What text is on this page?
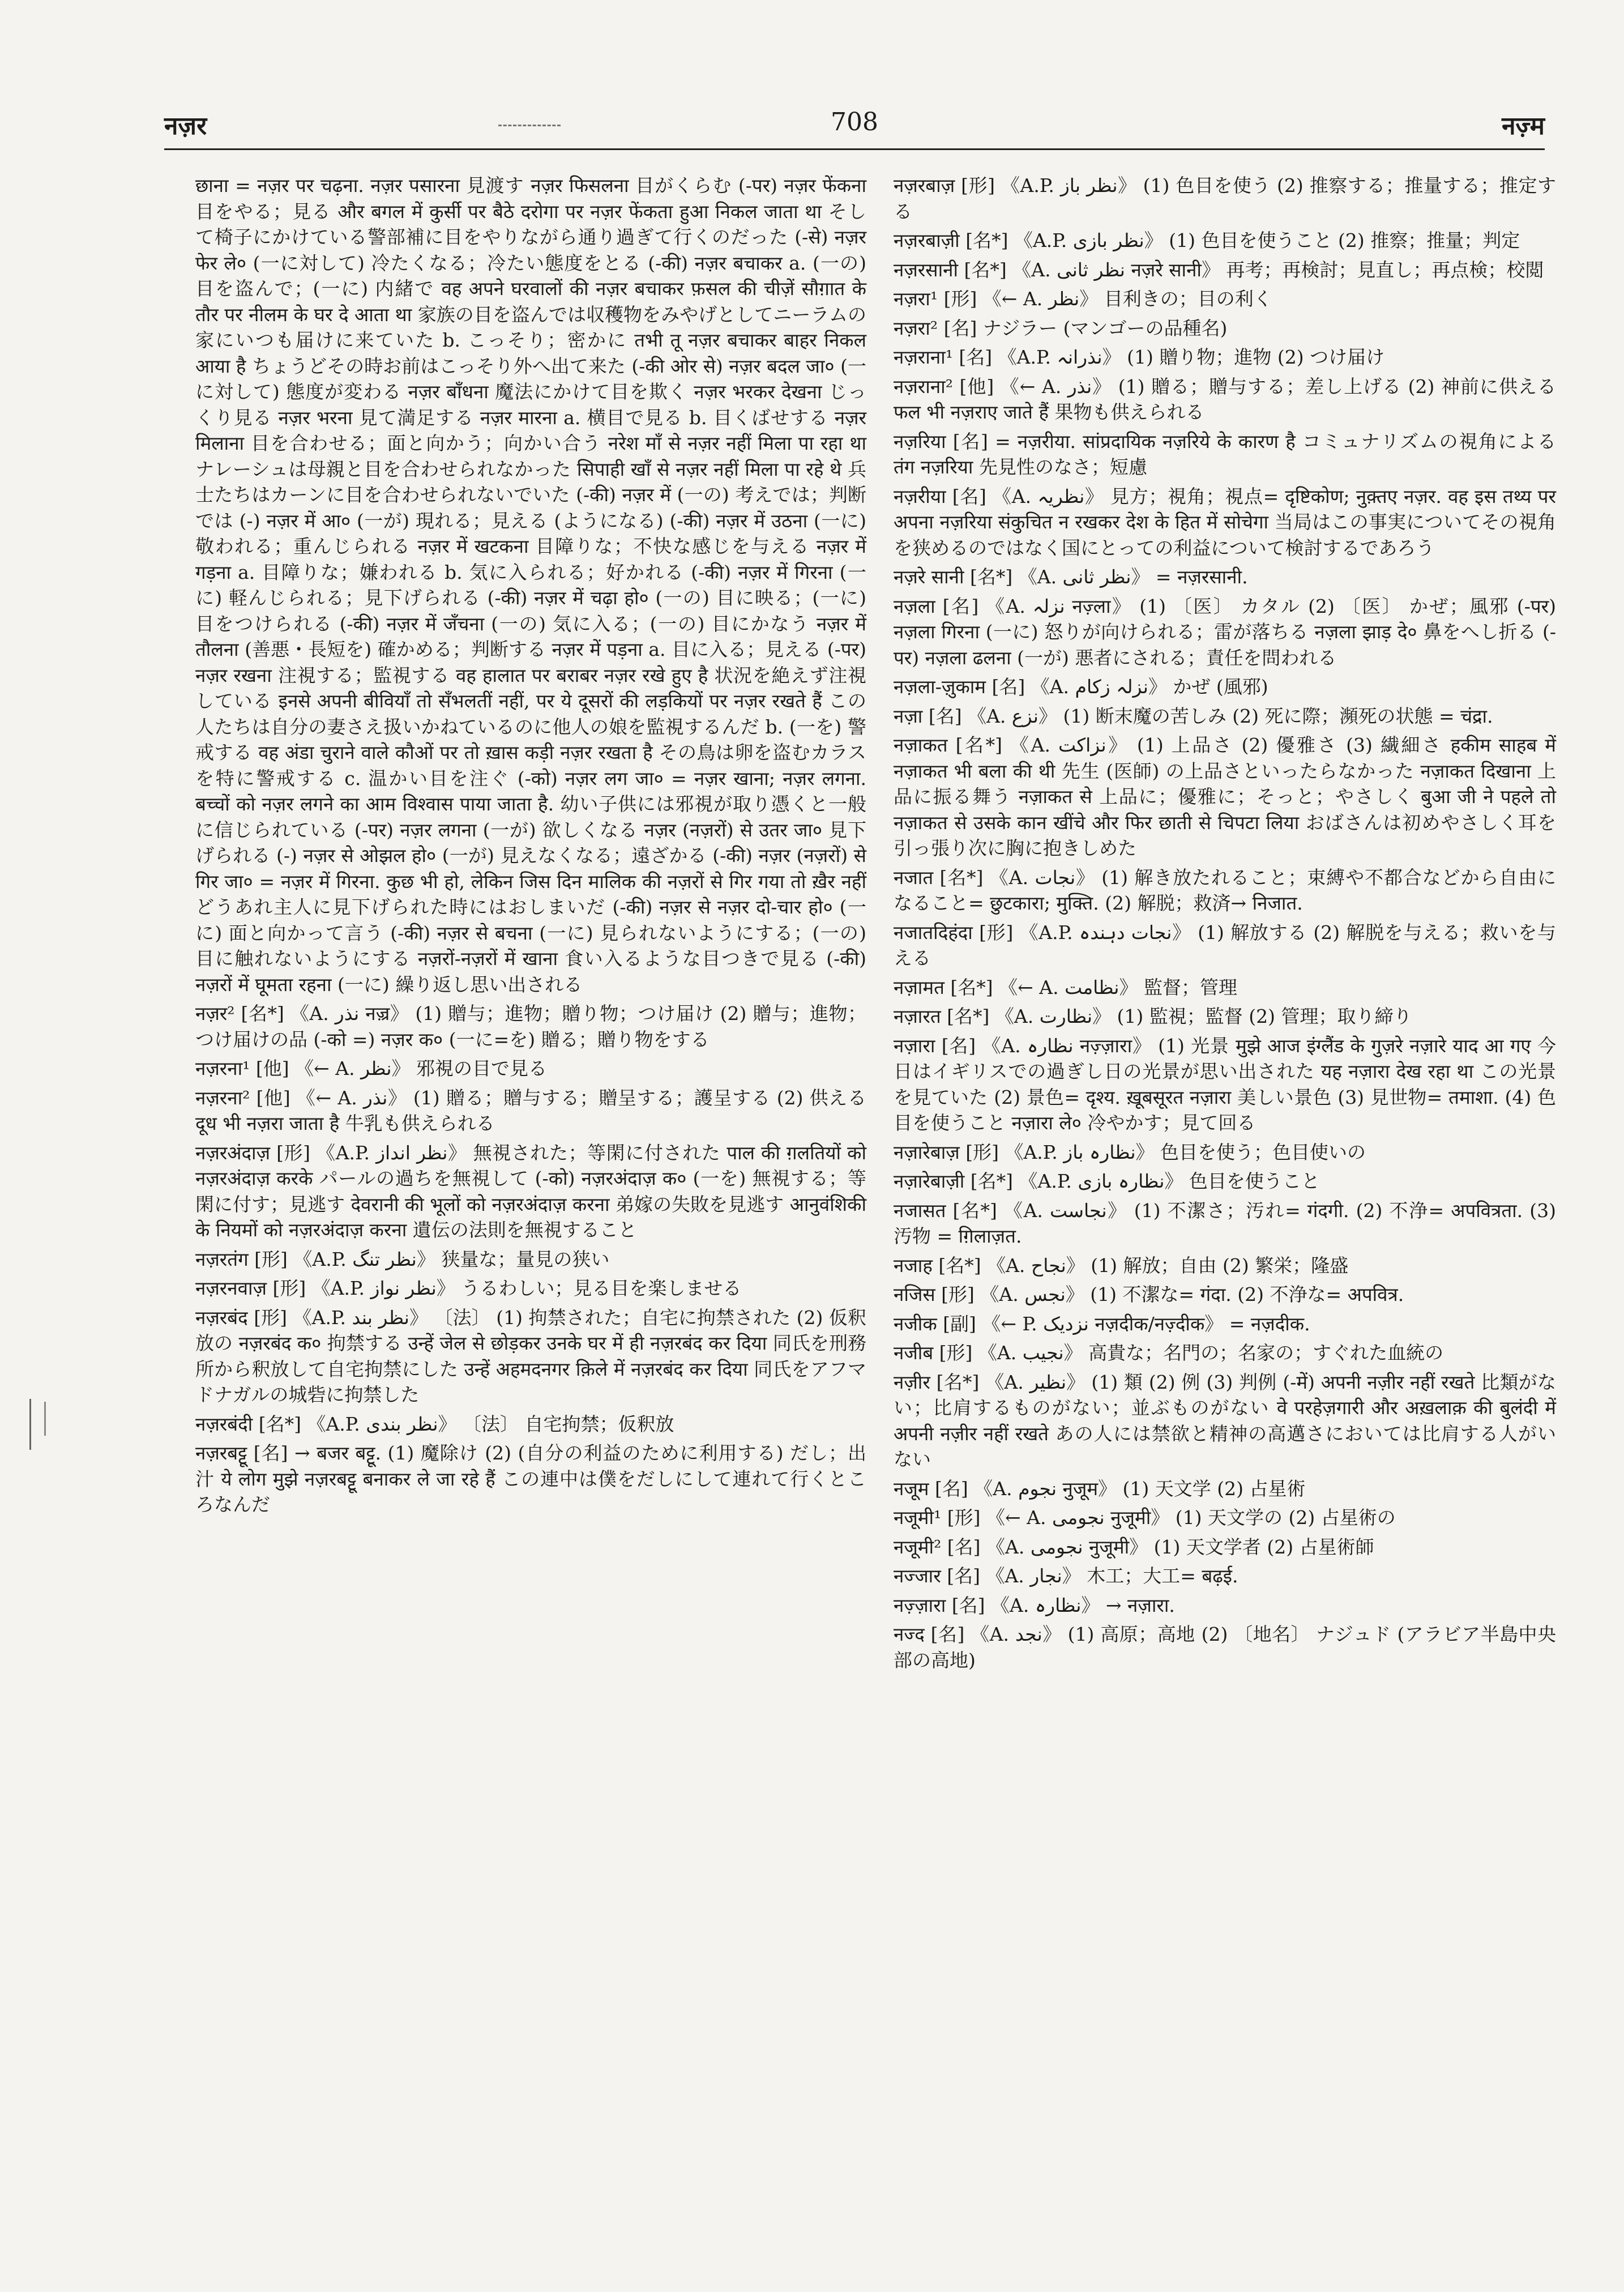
नज़र	708	नज़्म

छाना = नज़र पर चढ़ना. नज़र पसारना 見渡す नज़र फिसलना 目がくらむ (-पर) नज़र फेंकना 目をやる；見る और बगल में कुर्सी पर बैठे दरोगा पर नज़र फेंकता हुआ निकल जाता था そして椅子にかけている警部補に目をやりながら通り過ぎて行くのだった (-से) नज़र फेर ले० (一に対して) 冷たくなる；冷たい態度をとる (-की) नज़र बचाकर a. (一の) 目を盗んで；(一に) 内緒で वह अपने घरवालों की नज़र बचाकर फ़सल की चीज़ें सौग़ात के तौर पर नीलम के घर दे आता था 家族の目を盗んでは収穫物をみやげとしてニーラムの家にいつも届けに来ていた b. こっそり；密かに तभी तू नज़र बचाकर बाहर निकल आया है ちょうどその時お前はこっそり外へ出て来た (-की ओर से) नज़र बदल जा० (一に対して) 態度が変わる नज़र बाँधना 魔法にかけて目を欺く नज़र भरकर देखना じっくり見る नज़र भरना 見て満足する नज़र मारना a. 横目で見る b. 目くばせする नज़र मिलाना 目を合わせる；面と向かう；向かい合う नरेश माँ से नज़र नहीं मिला पा रहा था ナレーシュは母親と目を合わせられなかった सिपाही खाँ से नज़र नहीं मिला पा रहे थे 兵士たちはカーンに目を合わせられないでいた (-की) नज़र में (一の) 考えでは；判断では (-) नज़र में आ० (一が) 現れる；見える (ようになる) (-की) नज़र में उठना (一に) 敬われる；重んじられる नज़र में खटकना 目障りな；不快な感じを与える नज़र में गड़ना a. 目障りな；嫌われる b. 気に入られる；好かれる (-की) नज़र में गिरना (一に) 軽んじられる；見下げられる (-की) नज़र में चढ़ा हो० (一の) 目に映る；(一に) 目をつけられる (-की) नज़र में जँचना (一の) 気に入る；(一の) 目にかなう नज़र में तौलना (善悪・長短を) 確かめる；判断する नज़र में पड़ना a. 目に入る；見える (-पर) नज़र रखना 注視する；監視する वह हालात पर बराबर नज़र रखे हुए है 状況を絶えず注視している इनसे अपनी बीवियाँ तो सँभलतीं नहीं, पर ये दूसरों की लड़कियों पर नज़र रखते हैं この人たちは自分の妻さえ扱いかねているのに他人の娘を監視するんだ b. (一を) 警戒する वह अंडा चुराने वाले कौओं पर तो ख़ास कड़ी नज़र रखता है その鳥は卵を盗むカラスを特に警戒する c. 温かい目を注ぐ (-को) नज़र लग जा० = नज़र खाना; नज़र लगना. बच्चों को नज़र लगने का आम विश्वास पाया जाता है. 幼い子供には邪視が取り憑くと一般に信じられている (-पर) नज़र लगना (一が) 欲しくなる नज़र (नज़रों) से उतर जा० 見下げられる (-) नज़र से ओझल हो० (一が) 見えなくなる；遠ざかる (-की) नज़र (नज़रों) से गिर जा० = नज़र में गिरना. कुछ भी हो, लेकिन जिस दिन मालिक की नज़रों से गिर गया तो ख़ैर नहीं どうあれ主人に見下げられた時にはおしまいだ (-की) नज़र से नज़र दो-चार हो० (一に) 面と向かって言う (-की) नज़र से बचना (一に) 見られないようにする；(一の) 目に触れないようにする नज़रों-नज़रों में खाना 食い入るような目つきで見る (-की) नज़रों में घूमता रहना (一に) 繰り返し思い出される

नज़र² [名*] 《A. نذر नज़्र》 (1) 贈与；進物；贈り物；つけ届け (2) 贈与；進物；つけ届けの品 (-को =) नज़र क० (一に=を) 贈る；贈り物をする

नज़रना¹ [他] 《← A. نظر》 邪視の目で見る

नज़रना² [他] 《← A. نذر》 (1) 贈る；贈与する；贈呈する；護呈する (2) 供える दूध भी नज़रा जाता है 牛乳も供えられる

नज़रअंदाज़ [形] 《A.P. نظر انداز》 無視された；等閑に付された पाल की ग़लतियों को नज़रअंदाज़ करके パールの過ちを無視して (-को) नज़रअंदाज़ क० (一を) 無視する；等閑に付す；見逃す देवरानी की भूलों को नज़रअंदाज़ करना 弟嫁の失敗を見逃す आनुवंशिकी के नियमों को नज़रअंदाज़ करना 遺伝の法則を無視すること

नज़रतंग [形] 《A.P. نظر تنگ》 狭量な；量見の狭い

नज़रनवाज़ [形] 《A.P. نظر نواز》 うるわしい；見る目を楽しませる

नज़रबंद [形] 《A.P. نظر بند》 〔法〕 (1) 拘禁された；自宅に拘禁された (2) 仮釈放の नज़रबंद क० 拘禁する उन्हें जेल से छोड़कर उनके घर में ही नज़रबंद कर दिया 同氏を刑務所から釈放して自宅拘禁にした उन्हें अहमदनगर क़िले में नज़रबंद कर दिया 同氏をアフマドナガルの城砦に拘禁した

नज़रबंदी [名*] 《A.P. نظر بندی》 〔法〕 自宅拘禁；仮釈放

नज़रबट्टू [名] → बजर बट्टू. (1) 魔除け (2) (自分の利益のために利用する) だし；出汁 ये लोग मुझे नज़रबट्टू बनाकर ले जा रहे हैं この連中は僕をだしにして連れて行くところなんだ

नज़रबाज़ [形] 《A.P. نظر باز》 (1) 色目を使う (2) 推察する；推量する；推定する

नज़रबाज़ी [名*] 《A.P. نظر بازی》 (1) 色目を使うこと (2) 推察；推量；判定

नज़रसानी [名*] 《A. نظر ثانی नज़रे सानी》 再考；再検討；見直し；再点検；校閲

नज़रा¹ [形] 《← A. نظر》 目利きの；目の利く

नज़रा² [名] ナジラー (マンゴーの品種名)

नज़राना¹ [名] 《A.P. نذرانہ》 (1) 贈り物；進物 (2) つけ届け

नज़राना² [他] 《← A. نذر》 (1) 贈る；贈与する；差し上げる (2) 神前に供える फल भी नज़राए जाते हैं 果物も供えられる

नज़रिया [名] = नज़रीया. सांप्रदायिक नज़रिये के कारण है コミュナリズムの視角による तंग नज़रिया 先見性のなさ；短慮

नज़रीया [名] 《A. نظریہ》 見方；視角；視点= दृष्टिकोण; नुक़्तए नज़र. वह इस तथ्य पर अपना नज़रिया संकुचित न रखकर देश के हित में सोचेगा 当局はこの事実についてその視角を狭めるのではなく国にとっての利益について検討するであろう

नज़रे सानी [名*] 《A. نظر ثانی》 = नज़रसानी.

नज़ला [名] 《A. نزلہ नज़्ला》 (1) 〔医〕 カタル (2) 〔医〕 かぜ；風邪 (-पर) नज़ला गिरना (一に) 怒りが向けられる；雷が落ちる नज़ला झाड़ दे० 鼻をへし折る (-पर) नज़ला ढलना (一が) 悪者にされる；責任を問われる

नज़ला-ज़ुकाम [名] 《A. نزلہ زکام》 かぜ (風邪)

नज़ा [名] 《A. نزع》 (1) 断末魔の苦しみ (2) 死に際；瀕死の状態 = चंद्रा.

नज़ाकत [名*] 《A. نزاکت》 (1) 上品さ (2) 優雅さ (3) 繊細さ हकीम साहब में नज़ाकत भी बला की थी 先生 (医師) の上品さといったらなかった नज़ाकत दिखाना 上品に振る舞う नज़ाकत से 上品に；優雅に；そっと；やさしく बुआ जी ने पहले तो नज़ाकत से उसके कान खींचे और फिर छाती से चिपटा लिया おばさんは初めやさしく耳を引っ張り次に胸に抱きしめた

नजात [名*] 《A. نجات》 (1) 解き放たれること；束縛や不都合などから自由になること= छुटकारा; मुक्ति. (2) 解脱；救済→ निजात.

नजातदिहंदा [形] 《A.P. نجات دہندہ》 (1) 解放する (2) 解脱を与える；救いを与える

नज़ामत [名*] 《← A. نظامت》 監督；管理

नज़ारत [名*] 《A. نظارت》 (1) 監視；監督 (2) 管理；取り締り

नज़ारा [名] 《A. نظارہ नज़्ज़ारा》 (1) 光景 मुझे आज इंग्लैंड के गुज़रे नज़ारे याद आ गए 今日はイギリスでの過ぎし日の光景が思い出された यह नज़ारा देख रहा था この光景を見ていた (2) 景色= दृश्य. ख़ूबसूरत नज़ारा 美しい景色 (3) 見世物= तमाशा. (4) 色目を使うこと नज़ारा ले० 冷やかす；見て回る

नज़ारेबाज़ [形] 《A.P. نظارہ باز》 色目を使う；色目使いの

नज़ारेबाज़ी [名*] 《A.P. نظارہ بازی》 色目を使うこと

नजासत [名*] 《A. نجاست》 (1) 不潔さ；汚れ= गंदगी. (2) 不浄= अपवित्रता. (3) 汚物 = ग़िलाज़त.

नजाह [名*] 《A. نجاح》 (1) 解放；自由 (2) 繁栄；隆盛

नजिस [形] 《A. نجس》 (1) 不潔な= गंदा. (2) 不浄な= अपवित्र.

नजीक [副] 《← P. نزدیک नज़दीक/नज़्दीक》 = नज़दीक.

नजीब [形] 《A. نجیب》 高貴な；名門の；名家の；すぐれた血統の

नज़ीर [名*] 《A. نظیر》 (1) 類 (2) 例 (3) 判例 (-में) अपनी नज़ीर नहीं रखते 比類がない；比肩するものがない；並ぶものがない वे परहेज़गारी और अख़लाक़ की बुलंदी में अपनी नज़ीर नहीं रखते あの人には禁欲と精神の高邁さにおいては比肩する人がいない

नजूम [名] 《A. نجوم नुजूम》 (1) 天文学 (2) 占星術

नजूमी¹ [形] 《← A. نجومی नुजूमी》 (1) 天文学の (2) 占星術の

नजूमी² [名] 《A. نجومی नुजूमी》 (1) 天文学者 (2) 占星術師

नज्जार [名] 《A. نجار》 木工；大工= बढ़ई.

नज़्ज़ारा [名] 《A. نظارہ》 → नज़ारा.

नज्द [名] 《A. نجد》 (1) 高原；高地 (2) 〔地名〕 ナジュド (アラビア半島中央部の高地)
